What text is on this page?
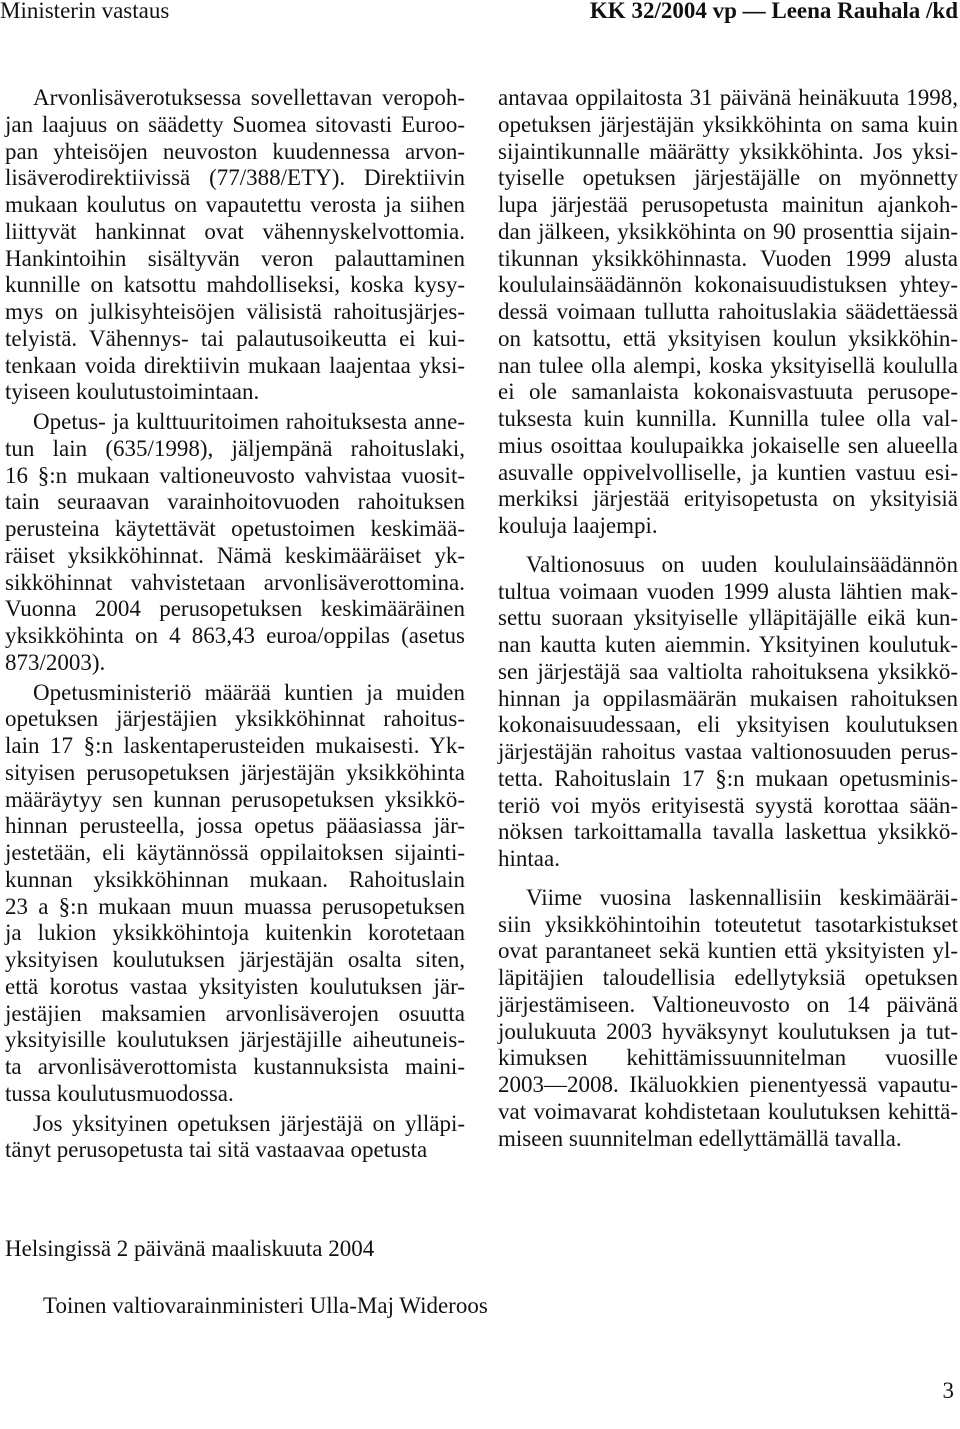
Ministerin vastaus	KK 32/2004 vp — Leena Rauhala /kd
Arvonlisäverotuksessa sovellettavan veropoh-
jan laajuus on säädetty Suomea sitovasti Euroo-
pan yhteisöjen neuvoston kuudennessa arvon-
lisäverodirektiivissä (77/388/ETY). Direktiivin
mukaan koulutus on vapautettu verosta ja siihen
liittyvät hankinnat ovat vähennyskelvottomia.
Hankintoihin sisältyvän veron palauttaminen
kunnille on katsottu mahdolliseksi, koska kysy-
mys on julkisyhteisöjen välisistä rahoitusjärjes-
telyistä. Vähennys- tai palautusoikeutta ei kui-
tenkaan voida direktiivin mukaan laajentaa yksi-
tyiseen koulutustoimintaan.
Opetus- ja kulttuuritoimen rahoituksesta anne-
tun lain (635/1998), jäljempänä rahoituslaki,
16 §:n mukaan valtioneuvosto vahvistaa vuosit-
tain seuraavan varainhoitovuoden rahoituksen
perusteina käytettävät opetustoimen keskimää-
räiset yksikköhinnat. Nämä keskimääräiset yk-
sikköhinnat vahvistetaan arvonlisäverottomina.
Vuonna 2004 perusopetuksen keskimääräinen
yksikköhinta on 4 863,43 euroa/oppilas (asetus
873/2003).
Opetusministeriö määrää kuntien ja muiden
opetuksen järjestäjien yksikköhinnat rahoitus-
lain 17 §:n laskentaperusteiden mukaisesti. Yk-
sityisen perusopetuksen järjestäjän yksikköhinta
määräytyy sen kunnan perusopetuksen yksikkö-
hinnan perusteella, jossa opetus pääasiassa jär-
jestetään, eli käytännössä oppilaitoksen sijainti-
kunnan yksikköhinnan mukaan. Rahoituslain
23 a §:n mukaan muun muassa perusopetuksen
ja lukion yksikköhintoja kuitenkin korotetaan
yksityisen koulutuksen järjestäjän osalta siten,
että korotus vastaa yksityisten koulutuksen jär-
jestäjien maksamien arvonlisäverojen osuutta
yksityisille koulutuksen järjestäjille aiheutuneis-
ta arvonlisäverottomista kustannuksista maini-
tussa koulutusmuodossa.
Jos yksityinen opetuksen järjestäjä on ylläpi-
tänyt perusopetusta tai sitä vastaavaa opetusta
antavaa oppilaitosta 31 päivänä heinäkuuta 1998,
opetuksen järjestäjän yksikköhinta on sama kuin
sijaintikunnalle määrätty yksikköhinta. Jos yksi-
tyiselle opetuksen järjestäjälle on myönnetty
lupa järjestää perusopetusta mainitun ajankoh-
dan jälkeen, yksikköhinta on 90 prosenttia sijain-
tikunnan yksikköhinnasta. Vuoden 1999 alusta
koululainsäädännön kokonaisuudistuksen yhtey-
dessä voimaan tullutta rahoituslakia säädettäessä
on katsottu, että yksityisen koulun yksikköhin-
nan tulee olla alempi, koska yksityisellä koululla
ei ole samanlaista kokonaisvastuuta perusope-
tuksesta kuin kunnilla. Kunnilla tulee olla val-
mius osoittaa koulupaikka jokaiselle sen alueella
asuvalle oppivelvolliselle, ja kuntien vastuu esi-
merkiksi järjestää erityisopetusta on yksityisiä
kouluja laajempi.
Valtionosuus on uuden koululainsäädännön
tultua voimaan vuoden 1999 alusta lähtien mak-
settu suoraan yksityiselle ylläpitäjälle eikä kun-
nan kautta kuten aiemmin. Yksityinen koulutuk-
sen järjestäjä saa valtiolta rahoituksena yksikkö-
hinnan ja oppilasmäärän mukaisen rahoituksen
kokonaisuudessaan, eli yksityisen koulutuksen
järjestäjän rahoitus vastaa valtionosuuden perus-
tetta. Rahoituslain 17 §:n mukaan opetusminis-
teriö voi myös erityisestä syystä korottaa sään-
nöksen tarkoittamalla tavalla laskettua yksikkö-
hintaa.
Viime vuosina laskennallisiin keskimääräi-
siin yksikköhintoihin toteutetut tasotarkistukset
ovat parantaneet sekä kuntien että yksityisten yl-
läpitäjien taloudellisia edellytyksiä opetuksen
järjestämiseen. Valtioneuvosto on 14 päivänä
joulukuuta 2003 hyväksynyt koulutuksen ja tut-
kimuksen kehittämissuunnitelman vuosille
2003—2008. Ikäluokkien pienentyessä vapautu-
vat voimavarat kohdistetaan koulutuksen kehittä-
miseen suunnitelman edellyttämällä tavalla.
Helsingissä 2 päivänä maaliskuuta 2004
Toinen valtiovarainministeri Ulla-Maj Wideroos
3
